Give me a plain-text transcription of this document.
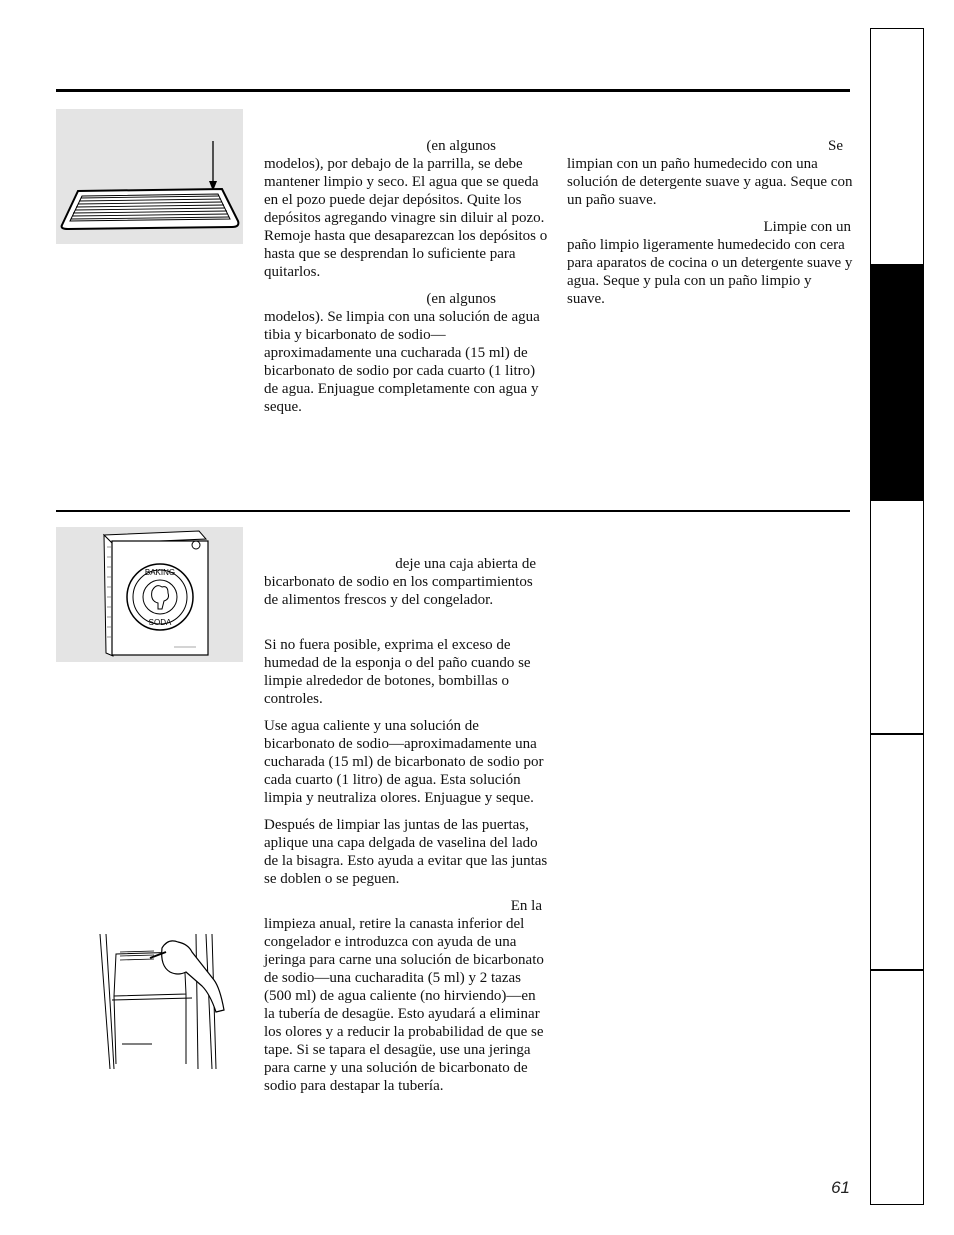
(en algunos
modelos), por debajo de la parrilla, se debe mantener limpio y seco. El agua que se queda en el pozo puede dejar depósitos. Quite los depósitos agregando vinagre sin diluir al pozo. Remoje hasta que desaparezcan los depósitos o hasta que se desprendan lo suficiente para quitarlos.

(en algunos
modelos). Se limpia con una solución de agua tibia y bicarbonato de sodio—aproximadamente una cucharada (15 ml) de bicarbonato de sodio por cada cuarto (1 litro) de agua. Enjuague completamente con agua y seque.

Se
limpian con un paño humedecido con una solución de detergente suave y agua. Seque con un paño suave.

Limpie con un
paño limpio ligeramente humedecido con cera para aparatos de cocina o un detergente suave y agua. Seque y pula con un paño limpio y suave.

BAKING
SODA

deje una caja abierta de
bicarbonato de sodio en los compartimientos de alimentos frescos y del congelador.

Si no fuera posible, exprima el exceso de humedad de la esponja o del paño cuando se limpie alrededor de botones, bombillas o controles.

Use agua caliente y una solución de bicarbonato de sodio—aproximadamente una cucharada (15 ml) de bicarbonato de sodio por cada cuarto (1 litro) de agua. Esta solución limpia y neutraliza olores. Enjuague y seque.

Después de limpiar las juntas de las puertas, aplique una capa delgada de vaselina del lado de la bisagra. Esto ayuda a evitar que las juntas se doblen o se peguen.

En la
limpieza anual, retire la canasta inferior del congelador e introduzca con ayuda de una jeringa para carne una solución de bicarbonato de sodio—una cucharadita (5 ml) y 2 tazas (500 ml) de agua caliente (no hirviendo)—en la tubería de desagüe. Esto ayudará a eliminar los olores y a reducir la probabilidad de que se tape. Si se tapara el desagüe, use una jeringa para carne y una solución de bicarbonato de sodio para destapar la tubería.

61
